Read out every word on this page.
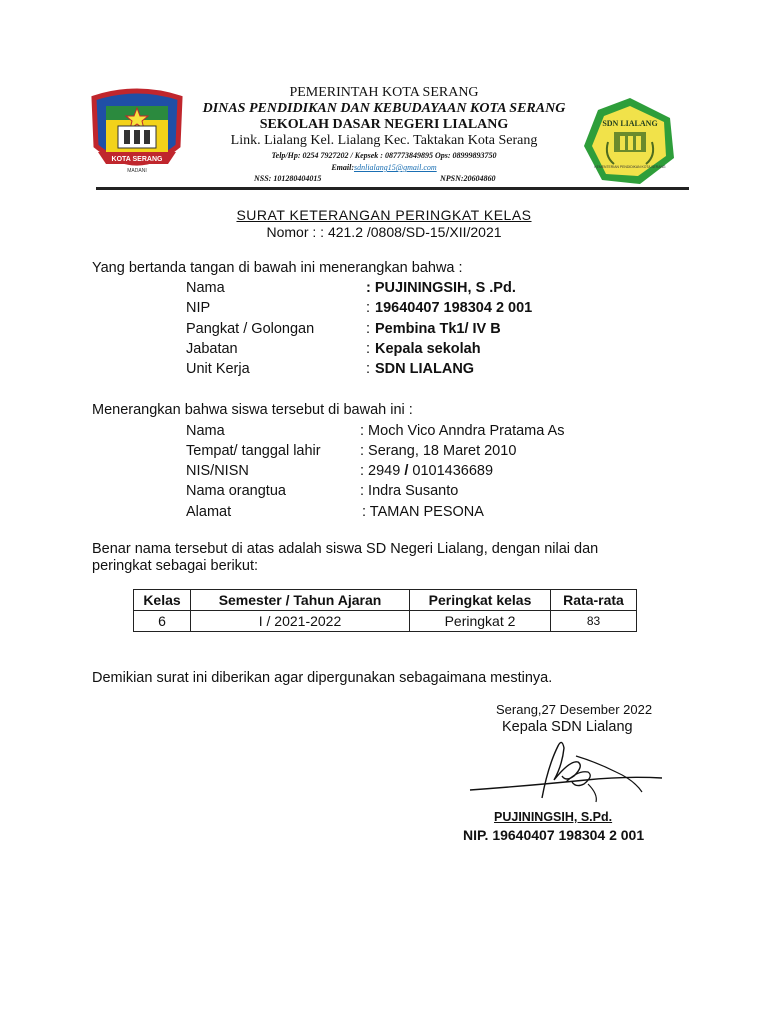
KOTA SERANG
MADANI
SDN LIALANG
KEMENTERIAN PENDIDIKAN KOTA SERANG
PEMERINTAH KOTA SERANG
DINAS PENDIDIKAN DAN KEBUDAYAAN KOTA SERANG
SEKOLAH DASAR NEGERI LIALANG
Link. Lialang Kel. Lialang Kec. Taktakan Kota Serang
Telp/Hp: 0254 7927202 / Kepsek : 087773849895 Ops: 08999893750
Email:sdnlialang15@gmail.com
NSS: 101280404015	NPSN:20604860
SURAT KETERANGAN PERINGKAT KELAS
Nomor : : 421.2 /0808/SD-15/XII/2021
Yang bertanda tangan di bawah ini menerangkan bahwa :
Nama	: PUJININGSIH, S .Pd.
NIP	: 19640407 198304 2 001
Pangkat / Golongan	: Pembina Tk1/ IV B
Jabatan	: Kepala sekolah
Unit Kerja	: SDN LIALANG
Menerangkan bahwa siswa tersebut di bawah ini :
Nama	: Moch Vico Anndra Pratama As
Tempat/ tanggal lahir	: Serang, 18 Maret 2010
NIS/NISN	: 2949 / 0101436689
Nama orangtua	: Indra Susanto
Alamat	: TAMAN PESONA
Benar nama tersebut di atas adalah siswa SD Negeri Lialang, dengan nilai dan
peringkat sebagai berikut:
Kelas	Semester / Tahun Ajaran	Peringkat kelas	Rata-rata
6	I / 2021-2022	Peringkat 2	83
Demikian surat ini diberikan agar dipergunakan sebagaimana mestinya.
Serang,27 Desember 2022
Kepala SDN Lialang
PUJININGSIH, S.Pd.
NIP. 19640407 198304 2 001
